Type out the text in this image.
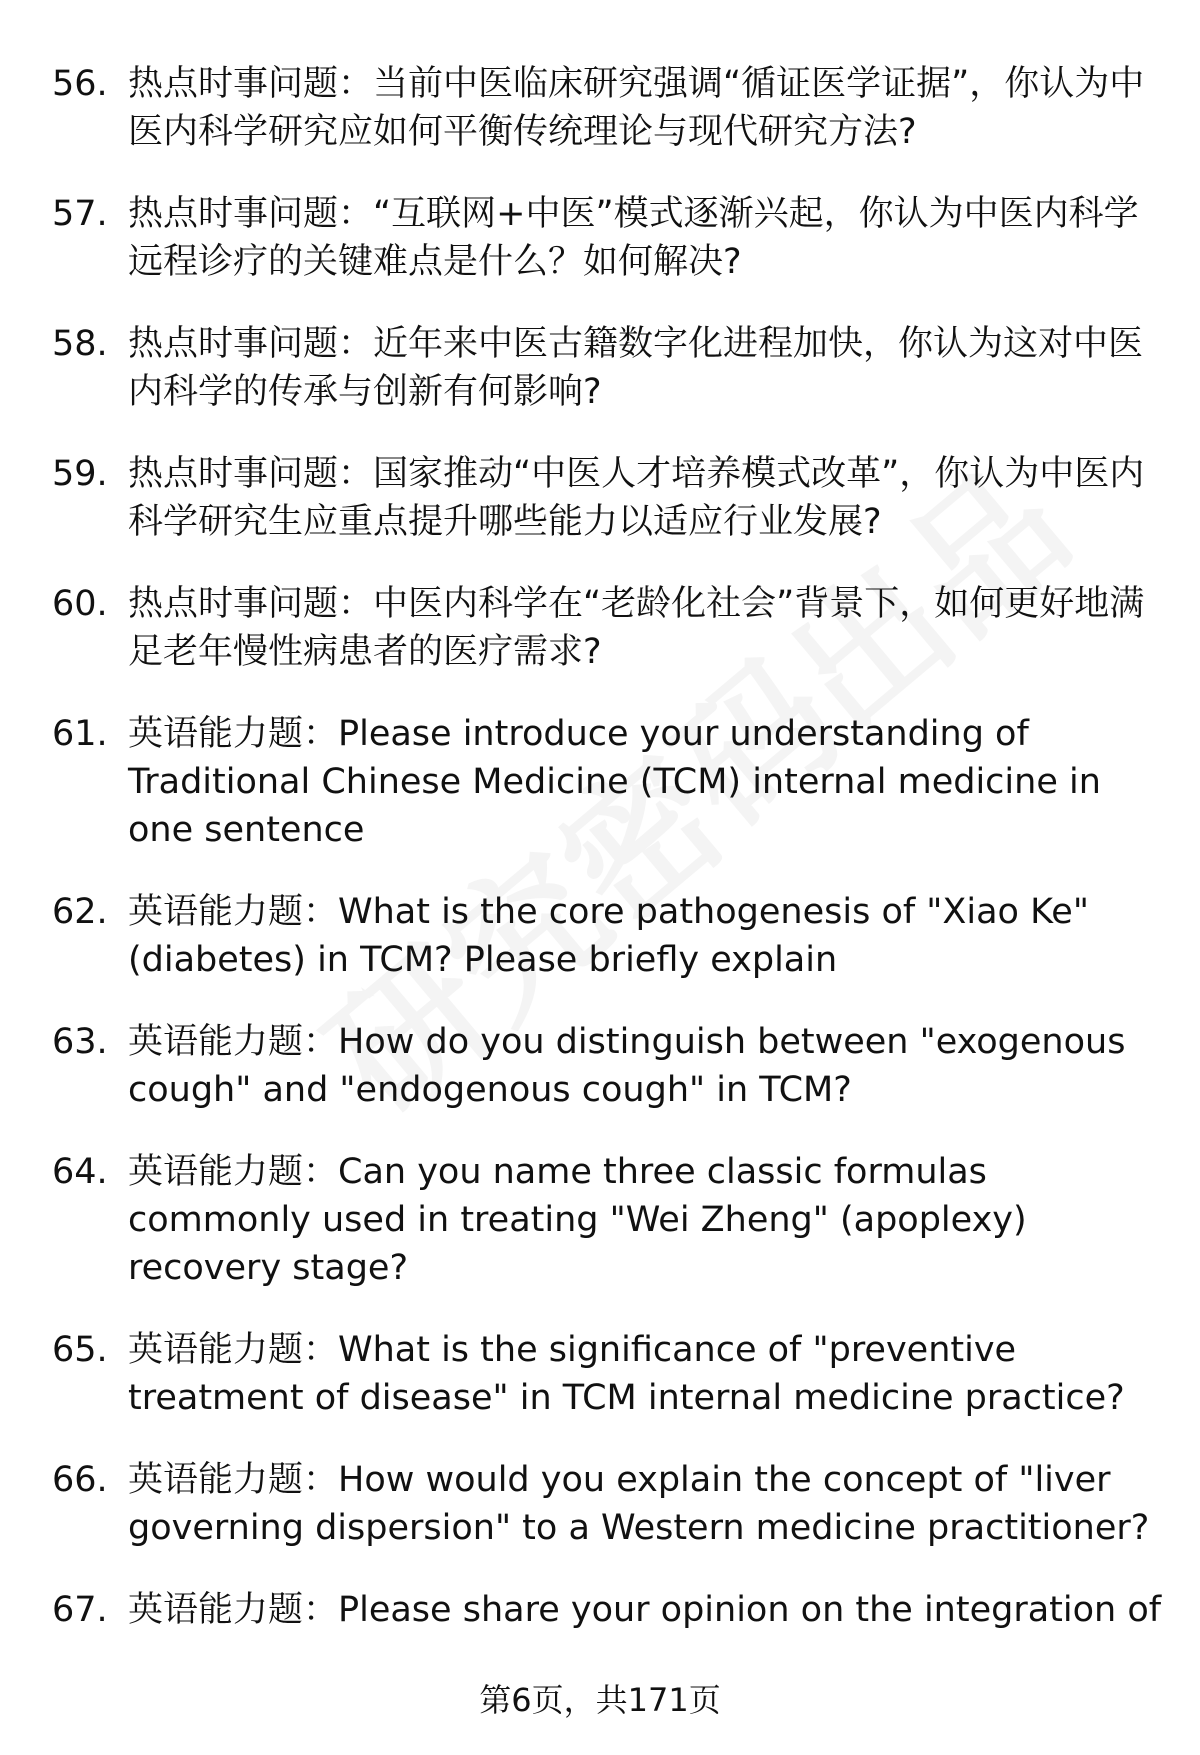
56. 热点时事问题：当前中医临床研究强调“循证医学证据”，你认为中医内科学研究应如何平衡传统理论与现代研究方法?
57. 热点时事问题：“互联网+中医”模式逐渐兴起，你认为中医内科学远程诊疗的关键难点是什么？如何解决?
58. 热点时事问题：近年来中医古籍数字化进程加快，你认为这对中医内科学的传承与创新有何影响?
59. 热点时事问题：国家推动“中医人才培养模式改革”，你认为中医内科学研究生应重点提升哪些能力以适应行业发展?
60. 热点时事问题：中医内科学在“老龄化社会”背景下，如何更好地满足老年慢性病患者的医疗需求?
61. 英语能力题：Please introduce your understanding of Traditional Chinese Medicine (TCM) internal medicine in one sentence
62. 英语能力题：What is the core pathogenesis of "Xiao Ke" (diabetes) in TCM? Please briefly explain
63. 英语能力题：How do you distinguish between "exogenous cough" and "endogenous cough" in TCM?
64. 英语能力题：Can you name three classic formulas commonly used in treating "Wei Zheng" (apoplexy) recovery stage?
65. 英语能力题：What is the significance of "preventive treatment of disease" in TCM internal medicine practice?
66. 英语能力题：How would you explain the concept of "liver governing dispersion" to a Western medicine practitioner?
67. 英语能力题：Please share your opinion on the integration of
第6页，共171页
